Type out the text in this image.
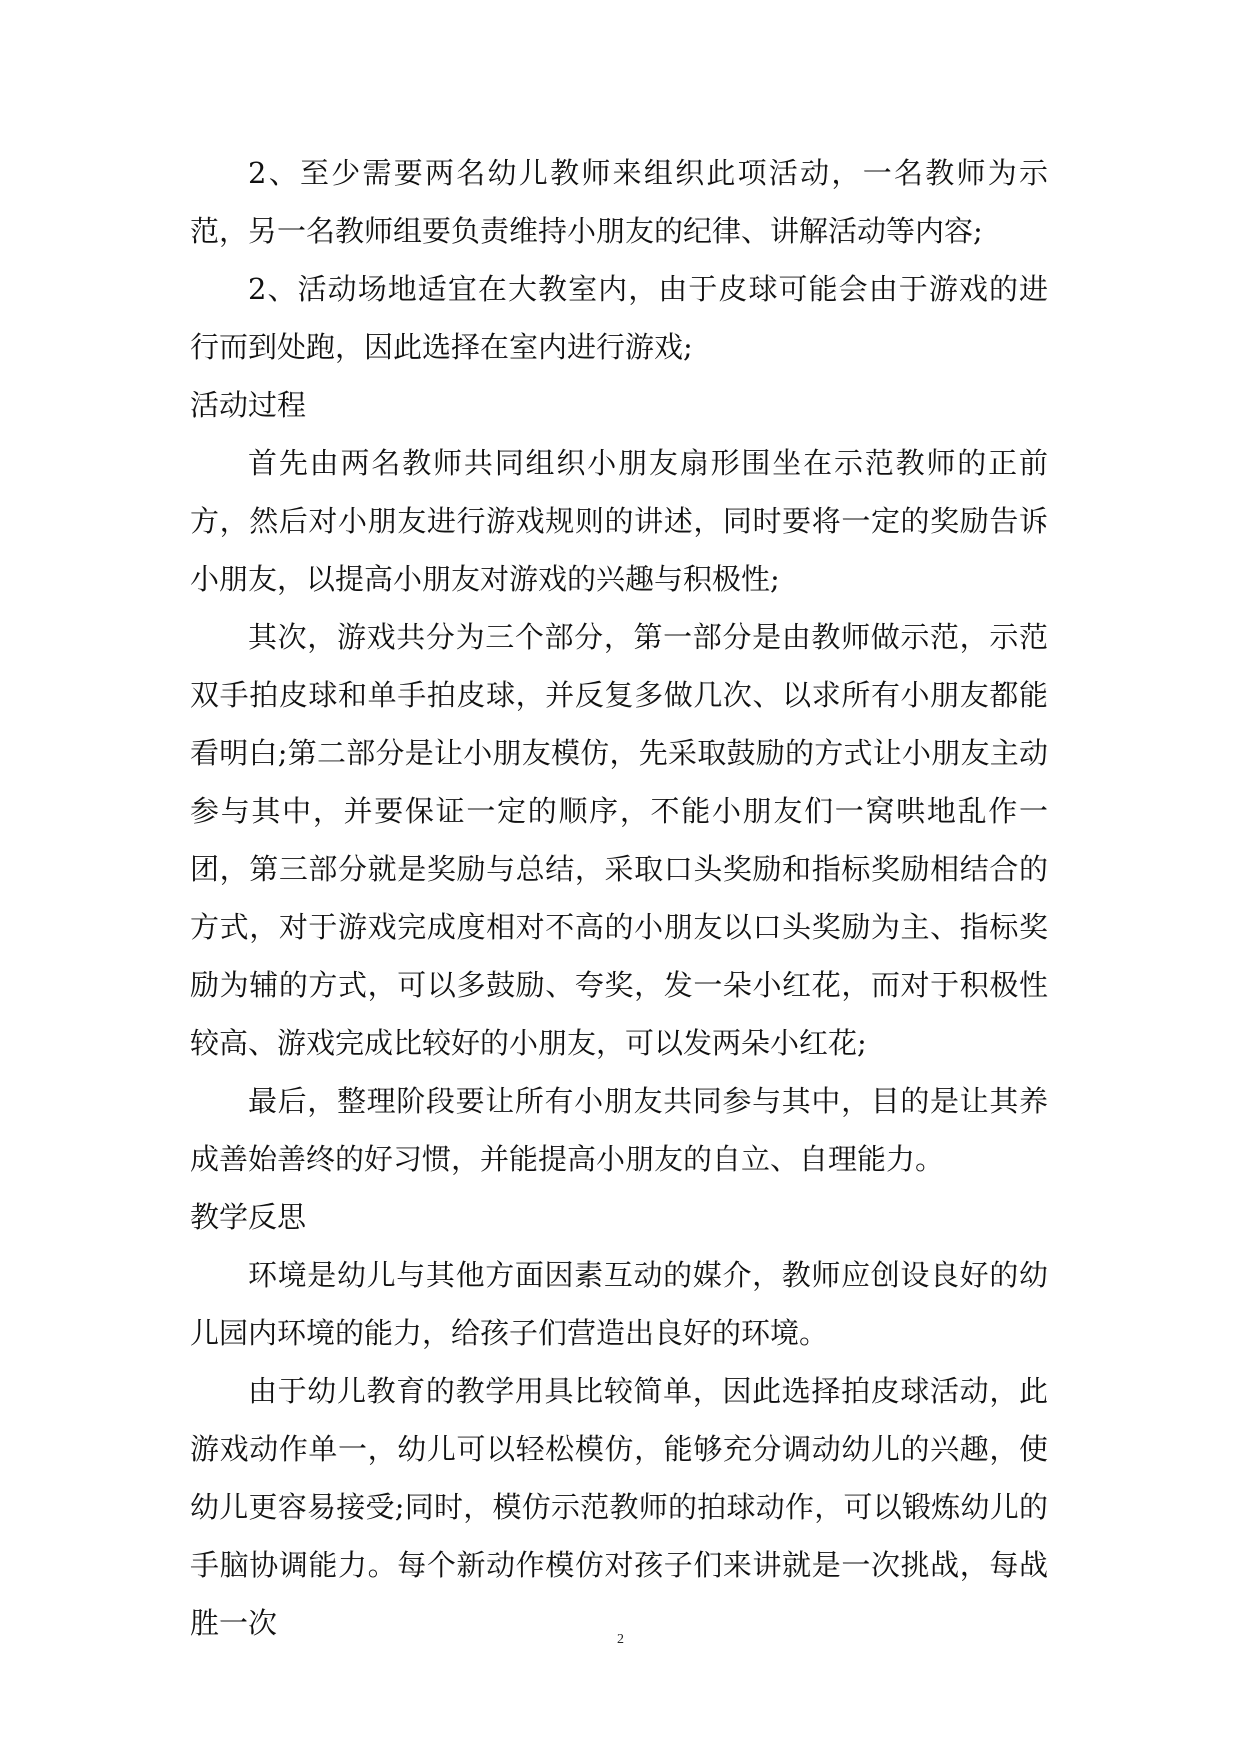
2、至少需要两名幼儿教师来组织此项活动，一名教师为示范，另一名教师组要负责维持小朋友的纪律、讲解活动等内容;

2、活动场地适宜在大教室内，由于皮球可能会由于游戏的进行而到处跑，因此选择在室内进行游戏;

活动过程

首先由两名教师共同组织小朋友扇形围坐在示范教师的正前方，然后对小朋友进行游戏规则的讲述，同时要将一定的奖励告诉小朋友，以提高小朋友对游戏的兴趣与积极性;

其次，游戏共分为三个部分，第一部分是由教师做示范，示范双手拍皮球和单手拍皮球，并反复多做几次、以求所有小朋友都能看明白;第二部分是让小朋友模仿，先采取鼓励的方式让小朋友主动参与其中，并要保证一定的顺序，不能小朋友们一窝哄地乱作一团，第三部分就是奖励与总结，采取口头奖励和指标奖励相结合的方式，对于游戏完成度相对不高的小朋友以口头奖励为主、指标奖励为辅的方式，可以多鼓励、夸奖，发一朵小红花，而对于积极性较高、游戏完成比较好的小朋友，可以发两朵小红花;

最后，整理阶段要让所有小朋友共同参与其中，目的是让其养成善始善终的好习惯，并能提高小朋友的自立、自理能力。

教学反思

环境是幼儿与其他方面因素互动的媒介，教师应创设良好的幼儿园内环境的能力，给孩子们营造出良好的环境。

由于幼儿教育的教学用具比较简单，因此选择拍皮球活动，此游戏动作单一，幼儿可以轻松模仿，能够充分调动幼儿的兴趣，使幼儿更容易接受;同时，模仿示范教师的拍球动作，可以锻炼幼儿的手脑协调能力。每个新动作模仿对孩子们来讲就是一次挑战，每战胜一次	2
